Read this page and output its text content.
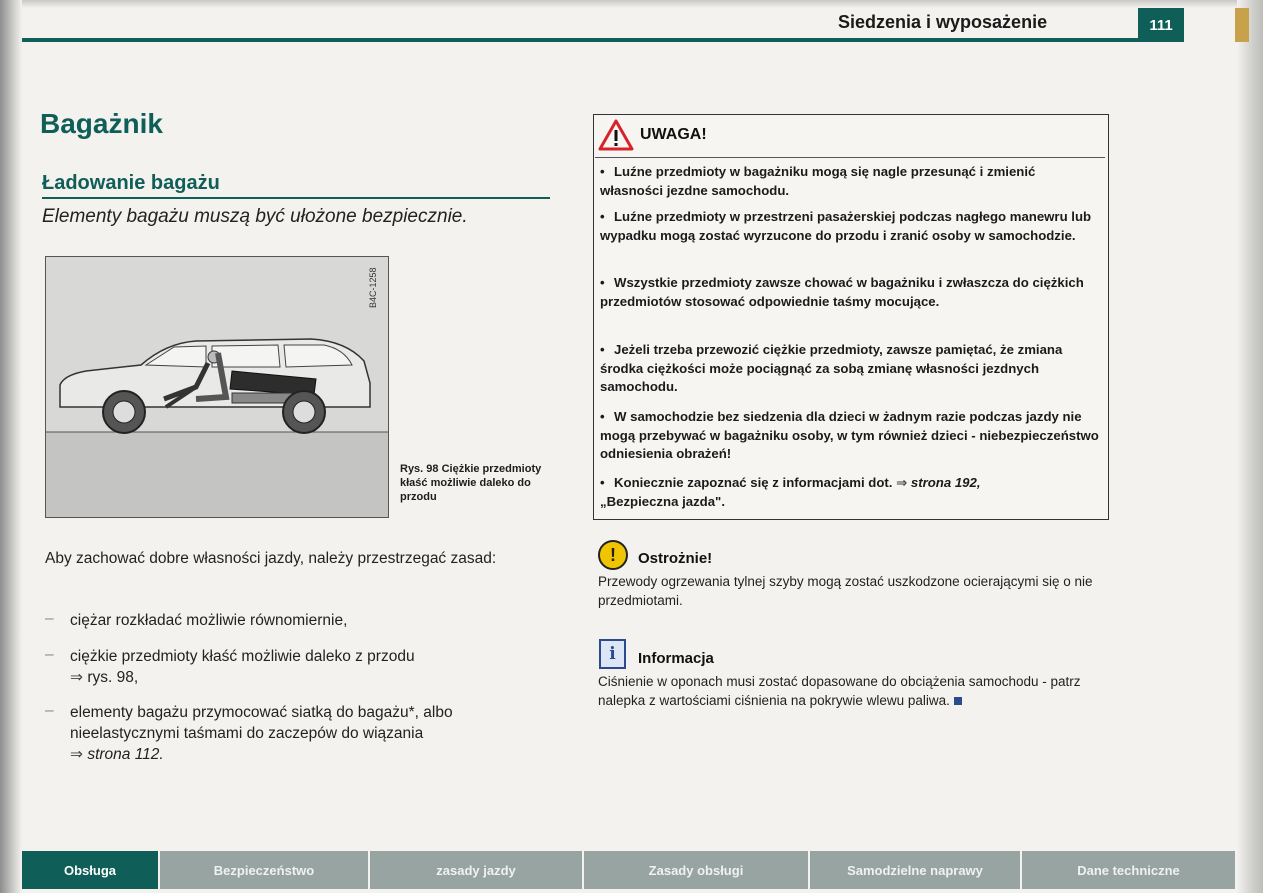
Siedzenia i wyposażenie	111
Bagażnik
Ładowanie bagażu
Elementy bagażu muszą być ułożone bezpiecznie.
B4C-1258
Rys. 98 Ciężkie przedmioty kłaść możliwie daleko do przodu
Aby zachować dobre własności jazdy, należy przestrzegać zasad:
– ciężar rozkładać możliwie równomiernie,
– ciężkie przedmioty kłaść możliwie daleko z przodu
⇒ rys. 98,
– elementy bagażu przymocować siatką do bagażu*, albo nieelastycznymi taśmami do zaczepów do wiązania
⇒ strona 112.
UWAGA!
• Luźne przedmioty w bagażniku mogą się nagle przesunąć i zmienić własności jezdne samochodu.
• Luźne przedmioty w przestrzeni pasażerskiej podczas nagłego manewru lub wypadku mogą zostać wyrzucone do przodu i zranić osoby w samochodzie.
• Wszystkie przedmioty zawsze chować w bagażniku i zwłaszcza do ciężkich przedmiotów stosować odpowiednie taśmy mocujące.
• Jeżeli trzeba przewozić ciężkie przedmioty, zawsze pamiętać, że zmiana środka ciężkości może pociągnąć za sobą zmianę własności jezdnych samochodu.
• W samochodzie bez siedzenia dla dzieci w żadnym razie podczas jazdy nie mogą przebywać w bagażniku osoby, w tym również dzieci - niebezpieczeństwo odniesienia obrażeń!
• Koniecznie zapoznać się z informacjami dot. ⇒ strona 192,
„Bezpieczna jazda".
!	Ostrożnie!
Przewody ogrzewania tylnej szyby mogą zostać uszkodzone ocierającymi się o nie przedmiotami.
i	Informacja
Ciśnienie w oponach musi zostać dopasowane do obciążenia samochodu - patrz nalepka z wartościami ciśnienia na pokrywie wlewu paliwa.
Obsługa	Bezpieczeństwo	zasady jazdy	Zasady obsługi	Samodzielne naprawy	Dane techniczne
